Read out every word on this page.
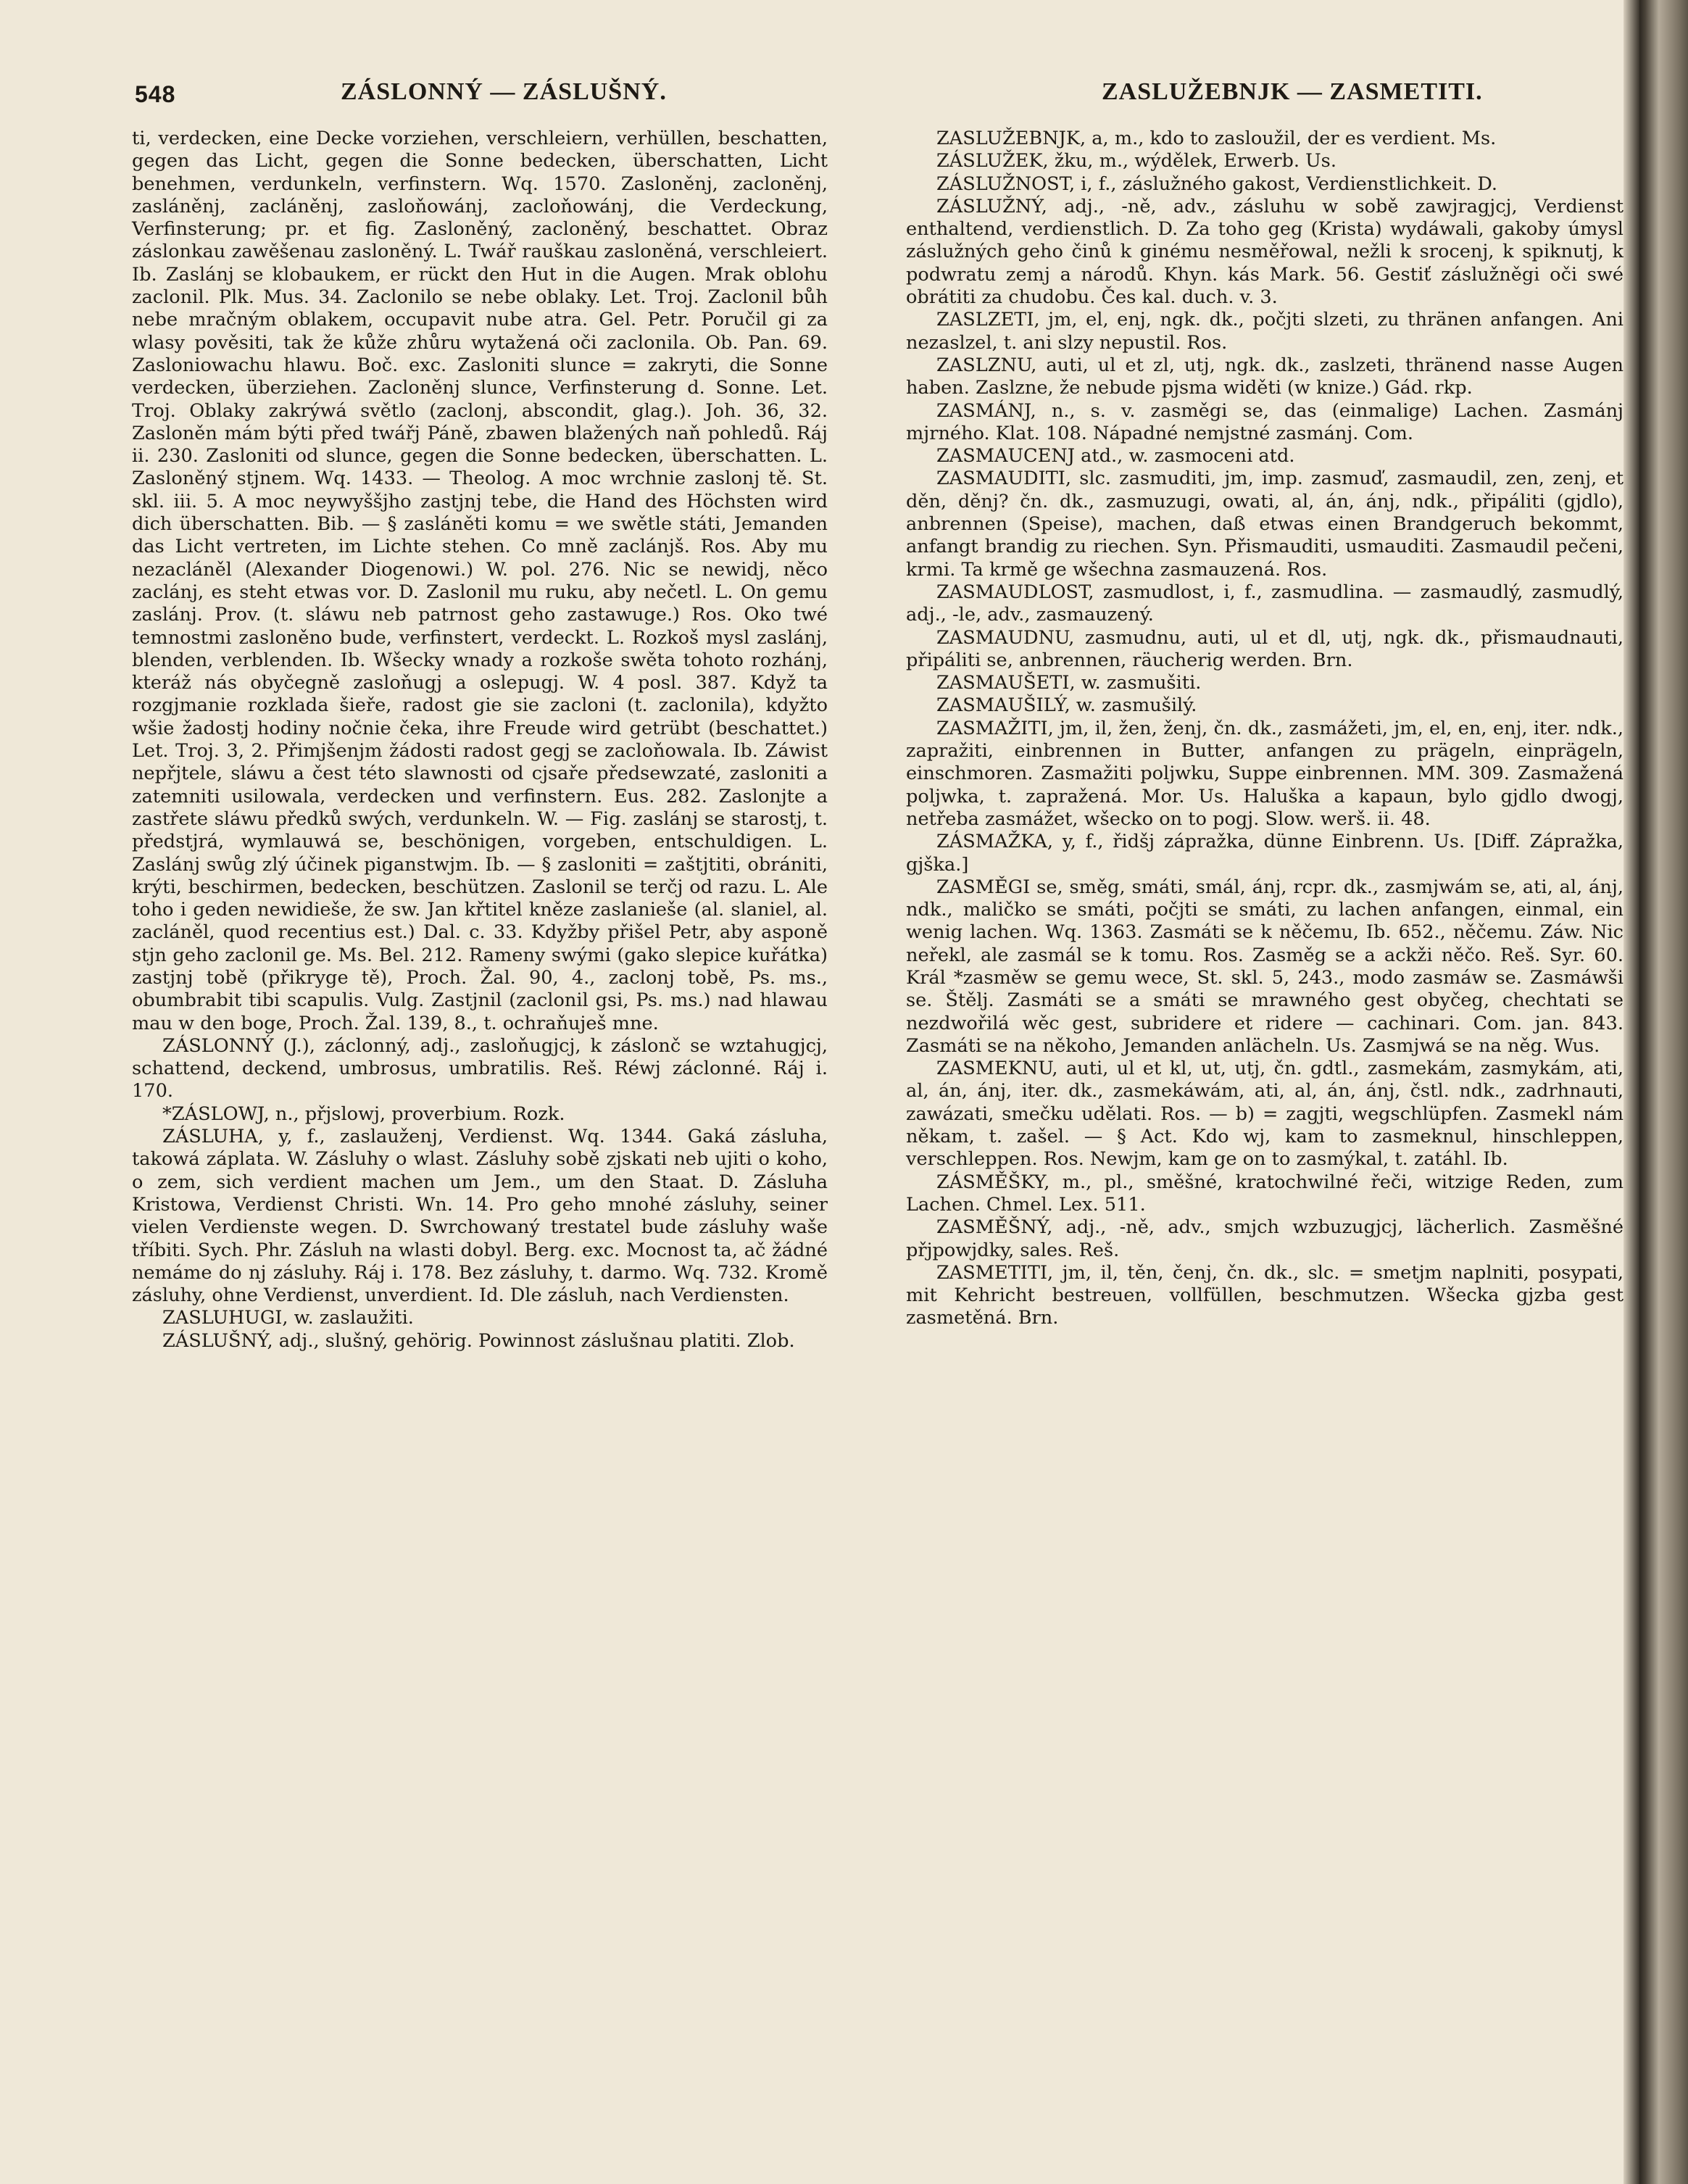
548	ZÁSLONNÝ — ZÁSLUŠNÝ.	ZASLUŽEBNJK — ZASMETITI.

ti, verdecken, eine Decke vorziehen, verschleiern, verhüllen, beschatten, gegen das Licht, gegen die Sonne bedecken, überschatten, Licht benehmen, verdunkeln, verfinstern. Wq. 1570. Zasloněnj, zacloněnj, zasláněnj, zacláněnj, zasloňowánj, zacloňowánj, die Verdeckung, Verfinsterung; pr. et fig. Zasloněný, zacloněný, beschattet. Obraz záslonkau zawěšenau zasloněný. L. Twář rauškau zasloněná, verschleiert. Ib. Zaslánj se klobaukem, er rückt den Hut in die Augen. Mrak oblohu zaclonil. Plk. Mus. 34. Zaclonilo se nebe oblaky. Let. Troj. Zaclonil bůh nebe mračným oblakem, occupavit nube atra. Gel. Petr. Poručil gi za wlasy pověsiti, tak že kůže zhůru wytažená oči zaclonila. Ob. Pan. 69. Zasloniowachu hlawu. Boč. exc. Zasloniti slunce = zakryti, die Sonne verdecken, überziehen. Zacloněnj slunce, Verfinsterung d. Sonne. Let. Troj. Oblaky zakrýwá světlo (zaclonj, abscondit, glag.). Joh. 36, 32. Zasloněn mám býti před twářj Páně, zbawen blažených naň pohledů. Ráj ii. 230. Zasloniti od slunce, gegen die Sonne bedecken, überschatten. L. Zasloněný stjnem. Wq. 1433. — Theolog. A moc wrchnie zaslonj tě. St. skl. iii. 5. A moc neywyššjho zastjnj tebe, die Hand des Höchsten wird dich überschatten. Bib. — § zasláněti komu = we swětle státi, Jemanden das Licht vertreten, im Lichte stehen. Co mně zaclánjš. Ros. Aby mu nezacláněl (Alexander Diogenowi.) W. pol. 276. Nic se newidj, něco zaclánj, es steht etwas vor. D. Zaslonil mu ruku, aby nečetl. L. On gemu zaslánj. Prov. (t. sláwu neb patrnost geho zastawuge.) Ros. Oko twé temnostmi zasloněno bude, verfinstert, verdeckt. L. Rozkoš mysl zaslánj, blenden, verblenden. Ib. Wšecky wnady a rozkoše swěta tohoto rozhánj, kteráž nás obyčegně zasloňugj a oslepugj. W. 4 posl. 387. Když ta rozgjmanie rozklada šieře, radost gie sie zacloni (t. zaclonila), kdyžto wšie žadostj hodiny nočnie čeka, ihre Freude wird getrübt (beschattet.) Let. Troj. 3, 2. Přimjšenjm žádosti radost gegj se zacloňowala. Ib. Záwist nepřjtele, sláwu a čest této slawnosti od cjsaře předsewzaté, zasloniti a zatemniti usilowala, verdecken und verfinstern. Eus. 282. Zaslonjte a zastřete sláwu předků swých, verdunkeln. W. — Fig. zaslánj se starostj, t. předstjrá, wymlauwá se, beschönigen, vorgeben, entschuldigen. L. Zaslánj swůg zlý účinek piganstwjm. Ib. — § zasloniti = zaštjtiti, obrániti, krýti, beschirmen, bedecken, beschützen. Zaslonil se terčj od razu. L. Ale toho i geden newidieše, že sw. Jan křtitel kněze zaslanieše (al. slaniel, al. zacláněl, quod recentius est.) Dal. c. 33. Kdyžby přišel Petr, aby asponě stjn geho zaclonil ge. Ms. Bel. 212. Rameny swými (gako slepice kuřátka) zastjnj tobě (přikryge tě), Proch. Žal. 90, 4., zaclonj tobě, Ps. ms., obumbrabit tibi scapulis. Vulg. Zastjnil (zaclonil gsi, Ps. ms.) nad hlawau mau w den boge, Proch. Žal. 139, 8., t. ochraňuješ mne.

ZÁSLONNÝ (J.), záclonný, adj., zasloňugjcj, k záslonč se wztahugjcj, schattend, deckend, umbrosus, umbratilis. Reš. Réwj záclonné. Ráj i. 170.

*ZÁSLOWJ, n., přjslowj, proverbium. Rozk.

ZÁSLUHA, y, f., zaslauženj, Verdienst. Wq. 1344. Gaká zásluha, takowá záplata. W. Zásluhy o wlast. Zásluhy sobě zjskati neb ujiti o koho, o zem, sich verdient machen um Jem., um den Staat. D. Zásluha Kristowa, Verdienst Christi. Wn. 14. Pro geho mnohé zásluhy, seiner vielen Verdienste wegen. D. Swrchowaný trestatel bude zásluhy waše tříbiti. Sych. Phr. Zásluh na wlasti dobyl. Berg. exc. Mocnost ta, ač žádné nemáme do nj zásluhy. Ráj i. 178. Bez zásluhy, t. darmo. Wq. 732. Kromě zásluhy, ohne Verdienst, unverdient. Id. Dle zásluh, nach Verdiensten.

ZASLUHUGI, w. zaslaužiti.

ZÁSLUŠNÝ, adj., slušný, gehörig. Powinnost záslušnau platiti. Zlob.

ZASLUŽEBNJK, a, m., kdo to zasloužil, der es verdient. Ms.

ZÁSLUŽEK, žku, m., wýdělek, Erwerb. Us.

ZÁSLUŽNOST, i, f., záslužného gakost, Verdienstlichkeit. D.

ZÁSLUŽNÝ, adj., -ně, adv., zásluhu w sobě zawjragjcj, Verdienst enthaltend, verdienstlich. D. Za toho geg (Krista) wydáwali, gakoby úmysl záslužných geho činů k ginému nesměřowal, nežli k srocenj, k spiknutj, k podwratu zemj a národů. Khyn. kás Mark. 56. Gestiť záslužněgi oči swé obrátiti za chudobu. Čes kal. duch. v. 3.

ZASLZETI, jm, el, enj, ngk. dk., počjti slzeti, zu thränen anfangen. Ani nezaslzel, t. ani slzy nepustil. Ros.

ZASLZNU, auti, ul et zl, utj, ngk. dk., zaslzeti, thränend nasse Augen haben. Zaslzne, že nebude pjsma widěti (w knize.) Gád. rkp.

ZASMÁNJ, n., s. v. zasměgi se, das (einmalige) Lachen. Zasmánj mjrného. Klat. 108. Nápadné nemjstné zasmánj. Com.

ZASMAUCENJ atd., w. zasmoceni atd.

ZASMAUDITI, slc. zasmuditi, jm, imp. zasmuď, zasmaudil, zen, zenj, et děn, děnj? čn. dk., zasmuzugi, owati, al, án, ánj, ndk., připáliti (gjdlo), anbrennen (Speise), machen, daß etwas einen Brandgeruch bekommt, anfangt brandig zu riechen. Syn. Přismauditi, usmauditi. Zasmaudil pečeni, krmi. Ta krmě ge wšechna zasmauzená. Ros.

ZASMAUDLOST, zasmudlost, i, f., zasmudlina. — zasmaudlý, zasmudlý, adj., -le, adv., zasmauzený.

ZASMAUDNU, zasmudnu, auti, ul et dl, utj, ngk. dk., přismaudnauti, připáliti se, anbrennen, räucherig werden. Brn.

ZASMAUŠETI, w. zasmušiti.

ZASMAUŠILÝ, w. zasmušilý.

ZASMAŽITI, jm, il, žen, ženj, čn. dk., zasmážeti, jm, el, en, enj, iter. ndk., zapražiti, einbrennen in Butter, anfangen zu prägeln, einprägeln, einschmoren. Zasmažiti poljwku, Suppe einbrennen. MM. 309. Zasmažená poljwka, t. zapražená. Mor. Us. Haluška a kapaun, bylo gjdlo dwogj, netřeba zasmážet, wšecko on to pogj. Slow. werš. ii. 48.

ZÁSMAŽKA, y, f., řidšj zápražka, dünne Einbrenn. Us. [Diff. Zápražka, gjška.]

ZASMĚGI se, směg, smáti, smál, ánj, rcpr. dk., zasmjwám se, ati, al, ánj, ndk., maličko se smáti, počjti se smáti, zu lachen anfangen, einmal, ein wenig lachen. Wq. 1363. Zasmáti se k něčemu, Ib. 652., něčemu. Záw. Nic neřekl, ale zasmál se k tomu. Ros. Zasměg se a ackži něčo. Reš. Syr. 60. Král *zasměw se gemu wece, St. skl. 5, 243., modo zasmáw se. Zasmáwši se. Štělj. Zasmáti se a smáti se mrawného gest obyčeg, chechtati se nezdwořilá wěc gest, subridere et ridere — cachinari. Com. jan. 843. Zasmáti se na někoho, Jemanden anlächeln. Us. Zasmjwá se na něg. Wus.

ZASMEKNU, auti, ul et kl, ut, utj, čn. gdtl., zasmekám, zasmykám, ati, al, án, ánj, iter. dk., zasmekáwám, ati, al, án, ánj, čstl. ndk., zadrhnauti, zawázati, smečku udělati. Ros. — b) = zagjti, wegschlüpfen. Zasmekl nám někam, t. zašel. — § Act. Kdo wj, kam to zasmeknul, hinschleppen, verschleppen. Ros. Newjm, kam ge on to zasmýkal, t. zatáhl. Ib.

ZÁSMĚŠKY, m., pl., směšné, kratochwilné řeči, witzige Reden, zum Lachen. Chmel. Lex. 511.

ZASMĚŠNÝ, adj., -ně, adv., smjch wzbuzugjcj, lächerlich. Zasměšné přjpowjdky, sales. Reš.

ZASMETITI, jm, il, těn, čenj, čn. dk., slc. = smetjm naplniti, posypati, mit Kehricht bestreuen, vollfüllen, beschmutzen. Wšecka gjzba gest zasmetěná. Brn.
